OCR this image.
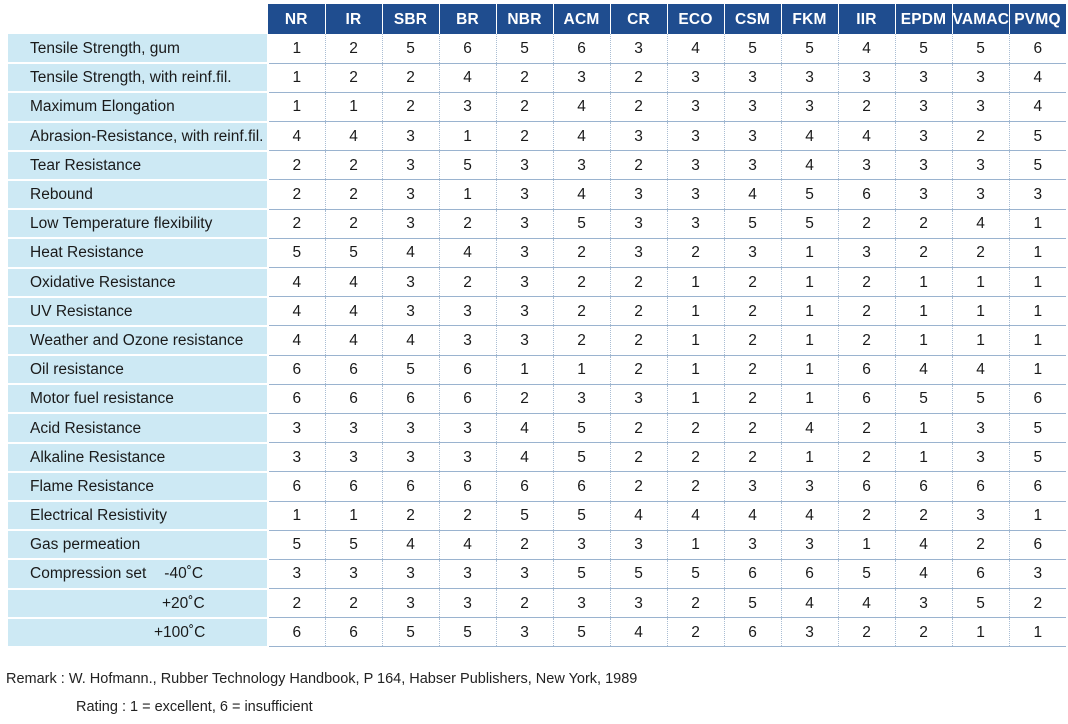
	NR	IR	SBR	BR	NBR	ACM	CR	ECO	CSM	FKM	IIR	EPDM	VAMAC	PVMQ
Tensile Strength, gum	1	2	5	6	5	6	3	4	5	5	4	5	5	6
Tensile Strength, with reinf.fil.	1	2	2	4	2	3	2	3	3	3	3	3	3	4
Maximum Elongation	1	1	2	3	2	4	2	3	3	3	2	3	3	4
Abrasion-Resistance, with reinf.fil.	4	4	3	1	2	4	3	3	3	4	4	3	2	5
Tear Resistance	2	2	3	5	3	3	2	3	3	4	3	3	3	5
Rebound	2	2	3	1	3	4	3	3	4	5	6	3	3	3
Low Temperature flexibility	2	2	3	2	3	5	3	3	5	5	2	2	4	1
Heat Resistance	5	5	4	4	3	2	3	2	3	1	3	2	2	1
Oxidative Resistance	4	4	3	2	3	2	2	1	2	1	2	1	1	1
UV Resistance	4	4	3	3	3	2	2	1	2	1	2	1	1	1
Weather and Ozone resistance	4	4	4	3	3	2	2	1	2	1	2	1	1	1
Oil resistance	6	6	5	6	1	1	2	1	2	1	6	4	4	1
Motor fuel resistance	6	6	6	6	2	3	3	1	2	1	6	5	5	6
Acid Resistance	3	3	3	3	4	5	2	2	2	4	2	1	3	5
Alkaline Resistance	3	3	3	3	4	5	2	2	2	1	2	1	3	5
Flame Resistance	6	6	6	6	6	6	2	2	3	3	6	6	6	6
Electrical Resistivity	1	1	2	2	5	5	4	4	4	4	2	2	3	1
Gas permeation	5	5	4	4	2	3	3	1	3	3	1	4	2	6
Compression set -40˚C	3	3	3	3	3	5	5	5	6	6	5	4	6	3
+20˚C	2	2	3	3	2	3	3	2	5	4	4	3	5	2
+100˚C	6	6	5	5	3	5	4	2	6	3	2	2	1	1
Remark : W. Hofmann., Rubber Technology Handbook, P 164, Habser Publishers, New York, 1989
Rating : 1 = excellent, 6 = insufficient
